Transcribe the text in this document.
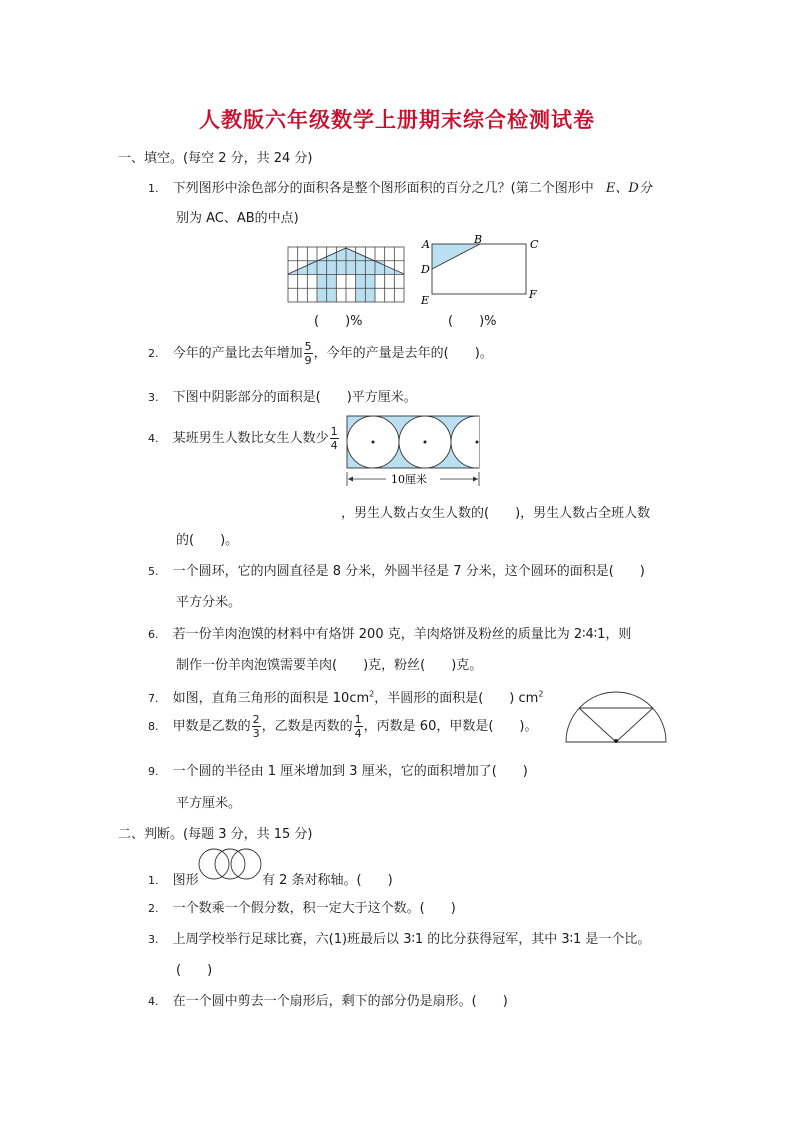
人教版六年级数学上册期末综合检测试卷
一、填空。(每空 2 分，共 24 分)
1. 下列图形中涂色部分的面积各是整个图形面积的百分之几？(第二个图形中 E、D分
别为 AC、AB的中点)
(　　)%
A	B	C
D
E	F
(　　)%
2. 今年的产量比去年增加 $\frac{5}{9}$ ，今年的产量是去年的(　　)。
3. 下图中阴影部分的面积是(　　)平方厘米。
10厘米
4. 某班男生人数比女生人数少 $\frac{1}{4}$
，男生人数占女生人数的(　　)，男生人数占全班人数
的(　　)。
5. 一个圆环，它的内圆直径是 8 分米，外圆半径是 7 分米，这个圆环的面积是(　　)
平方分米。
6. 若一份羊肉泡馍的材料中有烙饼 200 克，羊肉烙饼及粉丝的质量比为 2∶4∶1，则
制作一份羊肉泡馍需要羊肉(　　)克，粉丝(　　)克。
7. 如图，直角三角形的面积是 $10cm^2$，半圆形的面积是(　　) $cm^2$
8. 甲数是乙数的 $\frac{2}{3}$ ，乙数是丙数的 $\frac{1}{4}$ ，丙数是 60，甲数是(　　)。
9. 一个圆的半径由 1 厘米增加到 3 厘米，它的面积增加了(　　)
平方厘米。
二、判断。(每题 3 分，共 15 分)
1. 图形	有 2 条对称轴。(　　)
2. 一个数乘一个假分数，积一定大于这个数。(　　)
3. 上周学校举行足球比赛，六(1)班最后以 3∶1 的比分获得冠军，其中 3∶1 是一个比。
(　　)
4. 在一个圆中剪去一个扇形后，剩下的部分仍是扇形。(　　)
